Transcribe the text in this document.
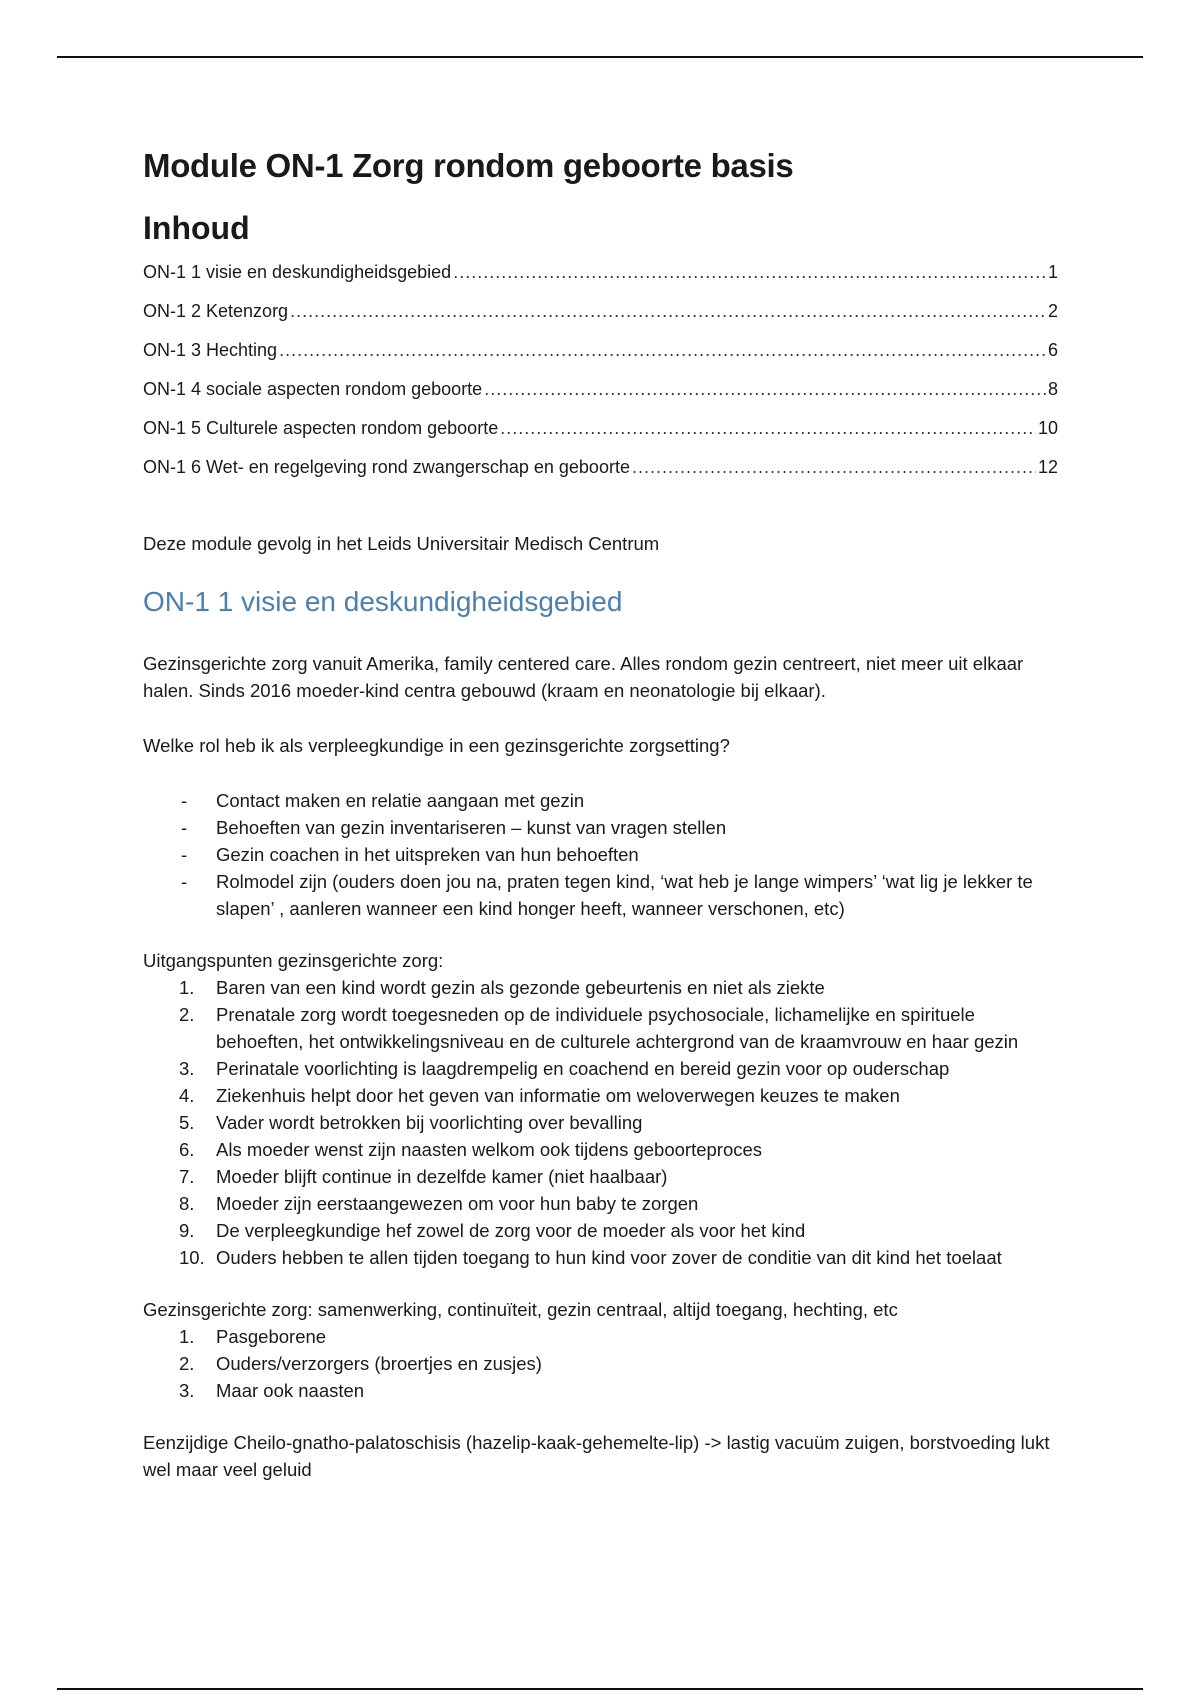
Module ON-1 Zorg rondom geboorte basis
Inhoud
ON-1 1 visie en deskundigheidsgebied .....	1
ON-1 2 Ketenzorg .....	2
ON-1 3 Hechting .....	6
ON-1 4 sociale aspecten rondom geboorte .....	8
ON-1 5 Culturele aspecten rondom geboorte .....	10
ON-1 6 Wet- en regelgeving rond zwangerschap en geboorte .....	12

Deze module gevolg in het Leids Universitair Medisch Centrum

ON-1 1 visie en deskundigheidsgebied

Gezinsgerichte zorg vanuit Amerika, family centered care. Alles rondom gezin centreert, niet meer uit elkaar halen. Sinds 2016 moeder-kind centra gebouwd (kraam en neonatologie bij elkaar).

Welke rol heb ik als verpleegkundige in een gezinsgerichte zorgsetting?

- Contact maken en relatie aangaan met gezin
- Behoeften van gezin inventariseren – kunst van vragen stellen
- Gezin coachen in het uitspreken van hun behoeften
- Rolmodel zijn (ouders doen jou na, praten tegen kind, ‘wat heb je lange wimpers’ ‘wat lig je lekker te slapen’ , aanleren wanneer een kind honger heeft, wanneer verschonen, etc)

Uitgangspunten gezinsgerichte zorg:

1. Baren van een kind wordt gezin als gezonde gebeurtenis en niet als ziekte
2. Prenatale zorg wordt toegesneden op de individuele psychosociale, lichamelijke en spirituele behoeften, het ontwikkelingsniveau en de culturele achtergrond van de kraamvrouw en haar gezin
3. Perinatale voorlichting is laagdrempelig en coachend en bereid gezin voor op ouderschap
4. Ziekenhuis helpt door het geven van informatie om weloverwegen keuzes te maken
5. Vader wordt betrokken bij voorlichting over bevalling
6. Als moeder wenst zijn naasten welkom ook tijdens geboorteproces
7. Moeder blijft continue in dezelfde kamer (niet haalbaar)
8. Moeder zijn eerstaangewezen om voor hun baby te zorgen
9. De verpleegkundige hef zowel de zorg voor de moeder als voor het kind
10. Ouders hebben te allen tijden toegang to hun kind voor zover de conditie van dit kind het toelaat

Gezinsgerichte zorg: samenwerking, continuïteit, gezin centraal, altijd toegang, hechting, etc

1. Pasgeborene
2. Ouders/verzorgers (broertjes en zusjes)
3. Maar ook naasten

Eenzijdige Cheilo-gnatho-palatoschisis (hazelip-kaak-gehemelte-lip) -> lastig vacuüm zuigen, borstvoeding lukt wel maar veel geluid
